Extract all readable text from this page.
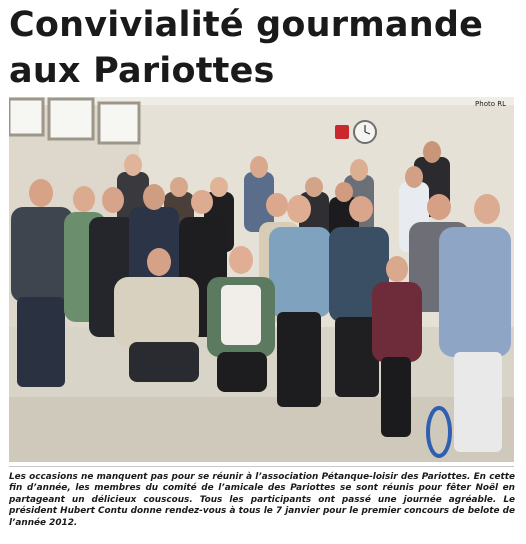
Convivialité gourmande
aux Pariottes
Photo RL

Les occasions ne manquent pas pour se réunir à l’association Pétanque-loisir des Pariottes. En cette fin d’année, les membres du comité de l’amicale des Pariottes se sont réunis pour fêter Noël en partageant un délicieux couscous. Tous les participants ont passé une journée agréable. Le président Hubert Contu donne rendez-vous à tous le 7 janvier pour le premier concours de belote de l’année 2012.
